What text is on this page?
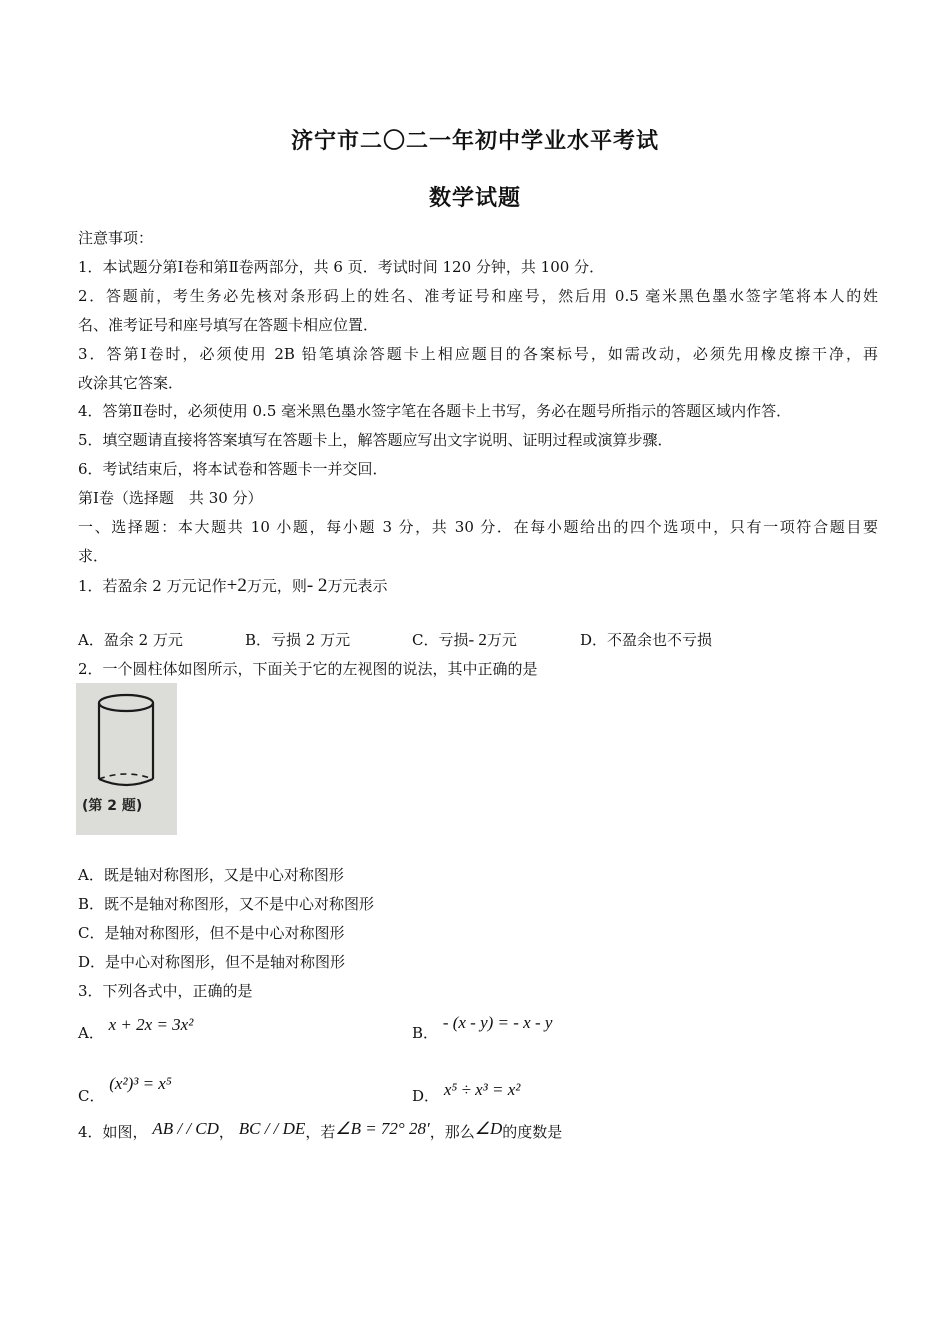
济宁市二〇二一年初中学业水平考试
数学试题
注意事项：
1．本试题分第Ⅰ卷和第Ⅱ卷两部分，共 6 页．考试时间 120 分钟，共 100 分．
2．答题前，考生务必先核对条形码上的姓名、准考证号和座号，然后用 0.5 毫米黑色墨水签字笔将本人的姓
名、准考证号和座号填写在答题卡相应位置．
3．答第Ⅰ卷时，必须使用 2B 铅笔填涂答题卡上相应题目的各案标号，如需改动，必须先用橡皮擦干净，再
改涂其它答案．
4．答第Ⅱ卷时，必须使用 0.5 毫米黑色墨水签字笔在各题卡上书写，务必在题号所指示的答题区域内作答．
5．填空题请直接将答案填写在答题卡上，解答题应写出文字说明、证明过程或演算步骤．
6．考试结束后，将本试卷和答题卡一并交回．
第Ⅰ卷（选择题　共 30 分）
一、选择题：本大题共 10 小题，每小题 3 分，共 30 分．在每小题给出的四个选项中，只有一项符合题目要
求．
1．若盈余 2 万元记作+2万元，则- 2万元表示
A．盈余 2 万元	B．亏损 2 万元	C．亏损- 2万元	D．不盈余也不亏损
2．一个圆柱体如图所示，下面关于它的左视图的说法，其中正确的是
(第 2 题)
A．既是轴对称图形，又是中心对称图形
B．既不是轴对称图形，又不是中心对称图形
C．是轴对称图形，但不是中心对称图形
D．是中心对称图形，但不是轴对称图形
3．下列各式中，正确的是
A． x + 2x = 3x²	B． - (x - y) = - x - y
C． (x²)³ = x⁵
D． x⁵ ÷ x³ = x²
4．如图， AB / / CD， BC / / DE，若∠B = 72° 28′，那么∠D的度数是
